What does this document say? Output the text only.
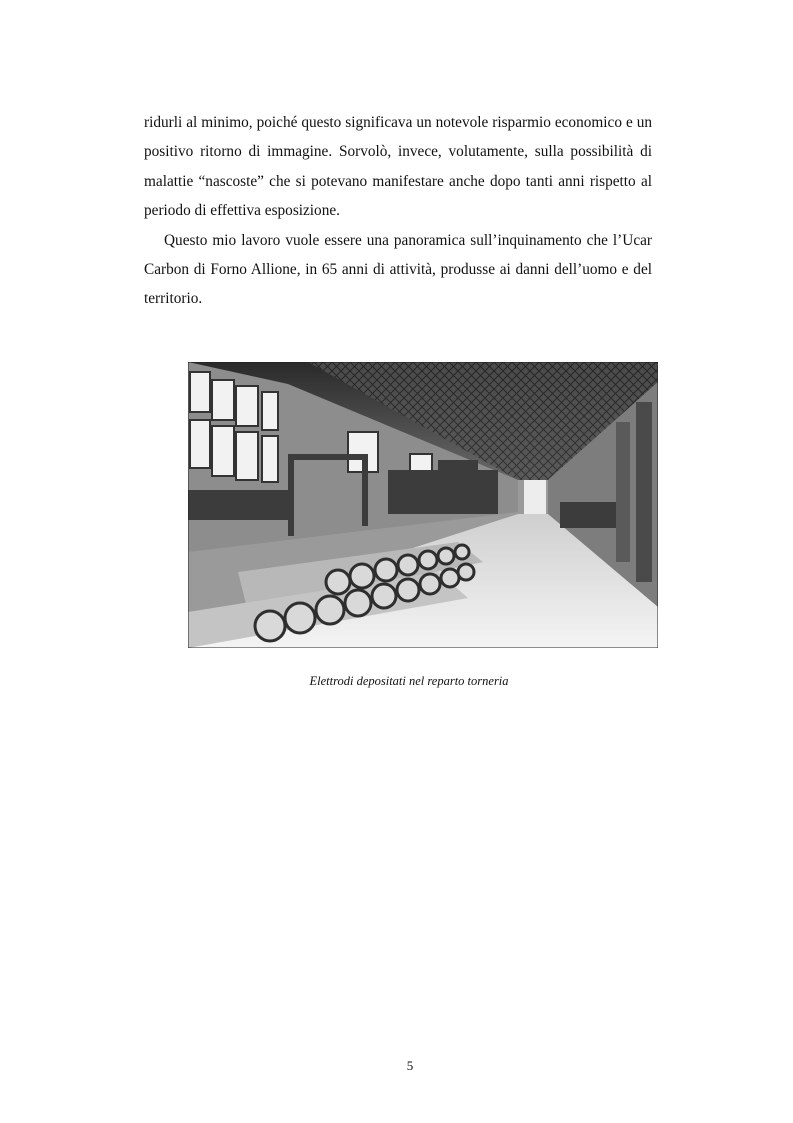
ridurli al minimo, poiché questo significava un notevole risparmio economico e un positivo ritorno di immagine. Sorvolò, invece, volutamente, sulla possibilità di malattie “nascoste” che si potevano manifestare anche dopo tanti anni rispetto al periodo di effettiva esposizione.

Questo mio lavoro vuole essere una panoramica sull’inquinamento che l’Ucar Carbon di Forno Allione, in 65 anni di attività, produsse ai danni dell’uomo e del territorio.

Elettrodi depositati nel reparto torneria
5
